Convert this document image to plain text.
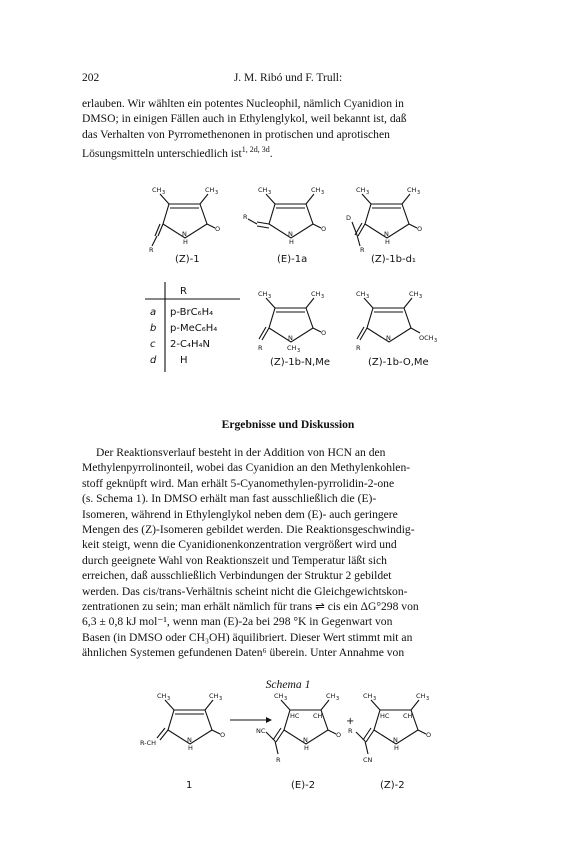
202	J. M. Ribó und F. Trull:
erlauben. Wir wählten ein potentes Nucleophil, nämlich Cyanidion in
DMSO; in einigen Fällen auch in Ethylenglykol, weil bekannt ist, daß
das Verhalten von Pyrromethenonen in protischen und aprotischen
Lösungsmitteln unterschiedlich ist$^{1, 2d, 3d}$.
CH 3	CH 3
N
H
O
R
(Z)-1
CH 3	CH 3
N
H
O
R
(E)-1a
CH 3	CH 3
N
H
O
D
R
(Z)-1b-d₁
R
a p-BrC₆H₄
b p-MeC₆H₄
c 2-C₄H₄N
d H
CH 3	CH 3
N
CH 3
O
R
(Z)-1b-N,Me
CH 3	CH 3
N	OCH 3
R
(Z)-1b-O,Me
CH 3	CH 3
N
H
O
R-CH
1
CH 3	CH 3
HC CH
N
H
O
NC
R
(E)-2
+
CH 3	CH 3
HC CH
N
H
O
R
CN
(Z)-2
Ergebnisse und Diskussion
Der Reaktionsverlauf besteht in der Addition von HCN an den
Methylenpyrrolinonteil, wobei das Cyanidion an den Methylenkohlen-
stoff geknüpft wird. Man erhält 5-Cyanomethylen-pyrrolidin-2-one
(s. Schema 1). In DMSO erhält man fast ausschließlich die (E)-
Isomeren, während in Ethylenglykol neben dem (E)- auch geringere
Mengen des (Z)-Isomeren gebildet werden. Die Reaktionsgeschwindig-
keit steigt, wenn die Cyanidionenkonzentration vergrößert wird und
durch geeignete Wahl von Reaktionszeit und Temperatur läßt sich
erreichen, daß ausschließlich Verbindungen der Struktur 2 gebildet
werden. Das cis/trans-Verhältnis scheint nicht die Gleichgewichtskon-
zentrationen zu sein; man erhält nämlich für trans ⇌ cis ein ΔG°298 von
6,3 ± 0,8 kJ mol⁻¹, wenn man (E)-2a bei 298 °K in Gegenwart von
Basen (in DMSO oder CH₃OH) äquilibriert. Dieser Wert stimmt mit an
ähnlichen Systemen gefundenen Daten⁶ überein. Unter Annahme von
Schema 1
